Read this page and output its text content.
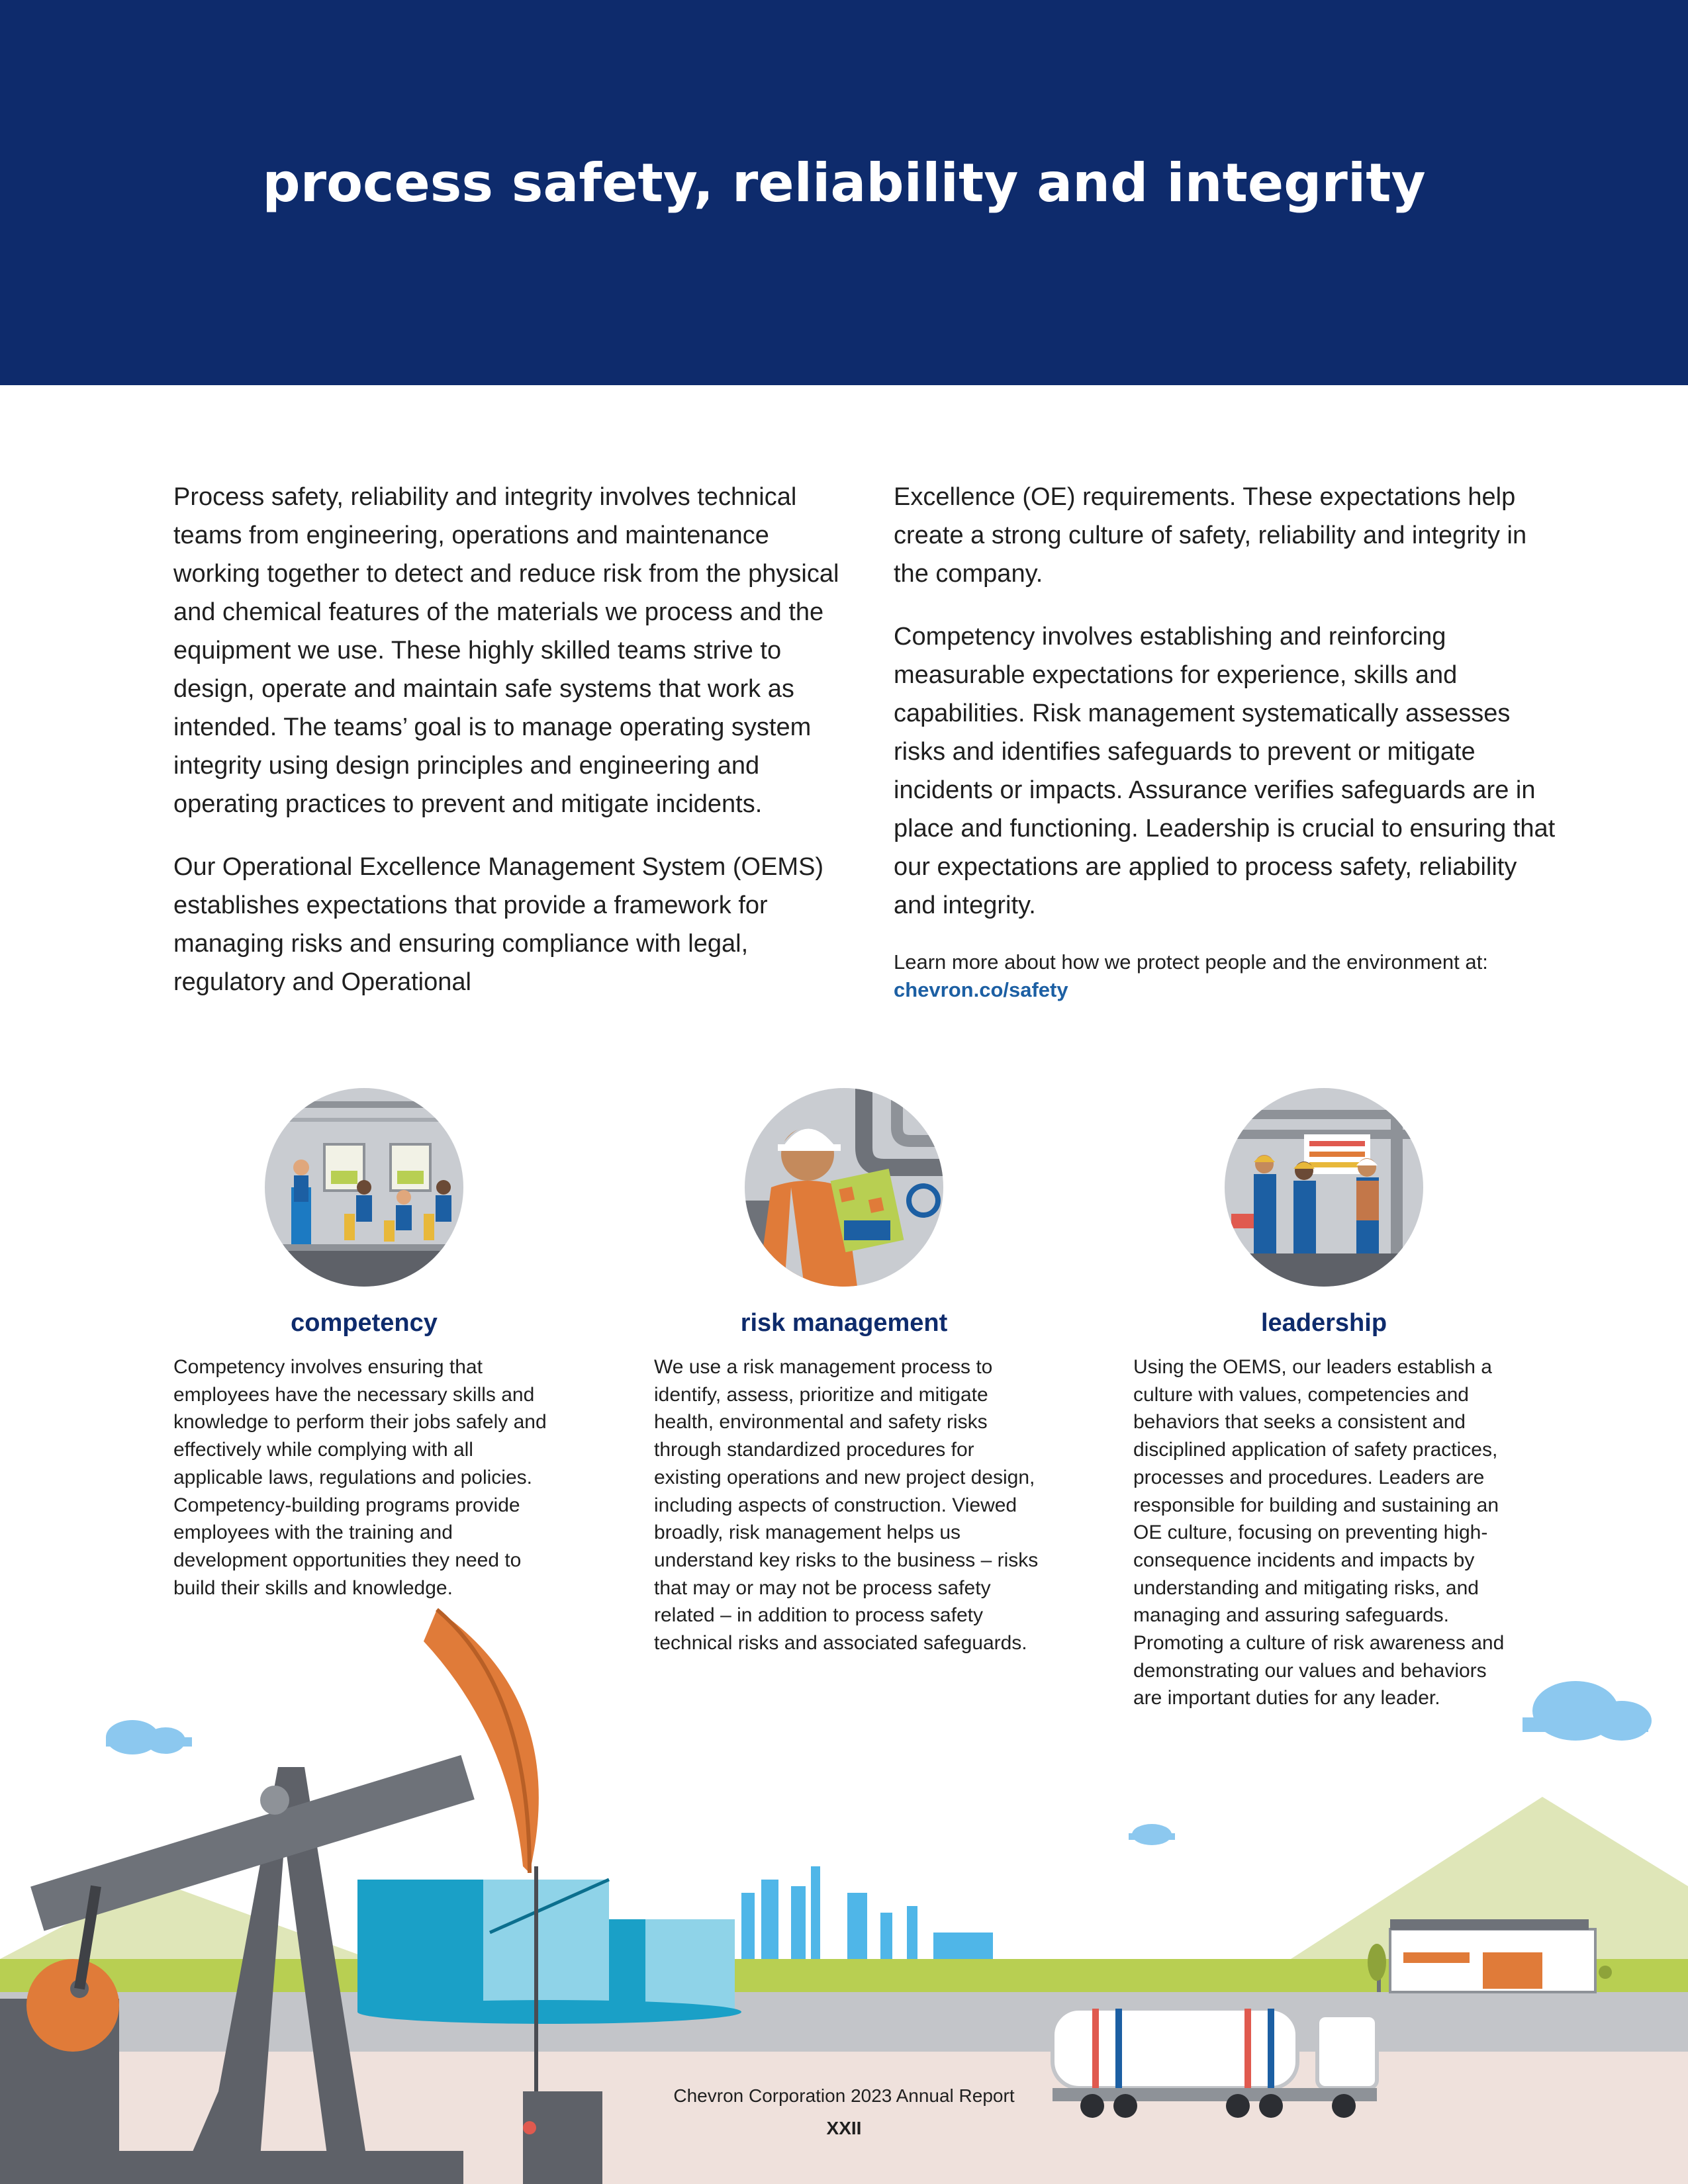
process safety, reliability and integrity

Process safety, reliability and integrity involves technical teams from engineering, operations and maintenance working together to detect and reduce risk from the physical and chemical features of the materials we process and the equipment we use. These highly skilled teams strive to design, operate and maintain safe systems that work as intended. The teams’ goal is to manage operating system integrity using design principles and engineering and operating practices to prevent and mitigate incidents.

Our Operational Excellence Management System (OEMS) establishes expectations that provide a framework for managing risks and ensuring compliance with legal, regulatory and Operational

Excellence (OE) requirements. These expectations help create a strong culture of safety, reliability and integrity in the company.

Competency involves establishing and reinforcing measurable expectations for experience, skills and capabilities. Risk management systematically assesses risks and identifies safeguards to prevent or mitigate incidents or impacts. Assurance verifies safeguards are in place and functioning. Leadership is crucial to ensuring that our expectations are applied to process safety, reliability and integrity.

Learn more about how we protect people and the environment at:
chevron.co/safety
competency

Competency involves ensuring that employees have the necessary skills and knowledge to perform their jobs safely and effectively while complying with all applicable laws, regulations and policies. Competency-building programs provide employees with the training and development opportunities they need to build their skills and knowledge.

risk management

We use a risk management process to identify, assess, prioritize and mitigate health, environmental and safety risks through standardized procedures for existing operations and new project design, including aspects of construction. Viewed broadly, risk management helps us understand key risks to the business – risks that may or may not be process safety related – in addition to process safety technical risks and associated safeguards.

leadership

Using the OEMS, our leaders establish a culture with values, competencies and behaviors that seeks a consistent and disciplined application of safety practices, processes and procedures. Leaders are responsible for building and sustaining an OE culture, focusing on preventing high-consequence incidents and impacts by understanding and mitigating risks, and managing and assuring safeguards. Promoting a culture of risk awareness and demonstrating our values and behaviors are important duties for any leader.

Chevron Corporation 2023 Annual Report
XXII
